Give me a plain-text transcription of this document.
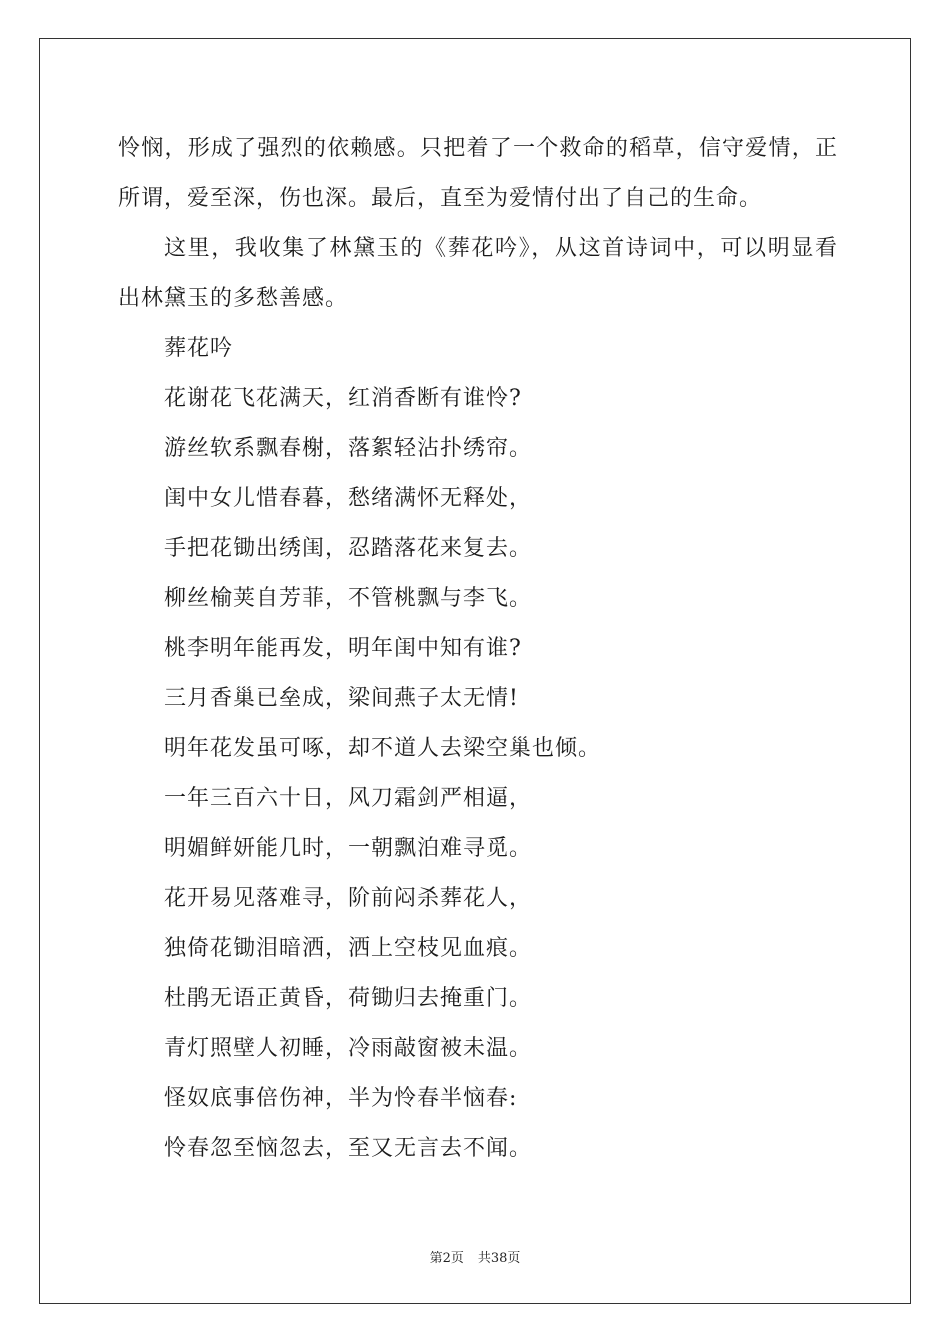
怜悯，形成了强烈的依赖感。只把着了一个救命的稻草，信守爱情，正所谓，爱至深，伤也深。最后，直至为爱情付出了自己的生命。

这里，我收集了林黛玉的《葬花吟》，从这首诗词中，可以明显看出林黛玉的多愁善感。

葬花吟

花谢花飞花满天，红消香断有谁怜?

游丝软系飘春榭，落絮轻沾扑绣帘。

闺中女儿惜春暮，愁绪满怀无释处，

手把花锄出绣闺，忍踏落花来复去。

柳丝榆荚自芳菲，不管桃飘与李飞。

桃李明年能再发，明年闺中知有谁?

三月香巢已垒成，梁间燕子太无情!

明年花发虽可啄，却不道人去梁空巢也倾。

一年三百六十日，风刀霜剑严相逼，

明媚鲜妍能几时，一朝飘泊难寻觅。

花开易见落难寻，阶前闷杀葬花人，

独倚花锄泪暗洒，洒上空枝见血痕。

杜鹃无语正黄昏，荷锄归去掩重门。

青灯照壁人初睡，冷雨敲窗被未温。

怪奴底事倍伤神，半为怜春半恼春:

怜春忽至恼忽去，至又无言去不闻。

第2页 共38页
